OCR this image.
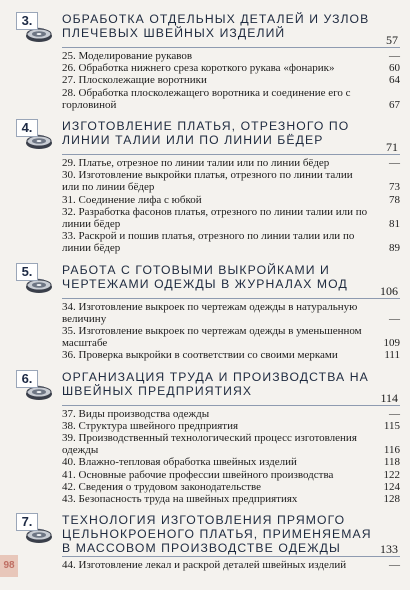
3.	ОБРАБОТКА ОТДЕЛЬНЫХ ДЕТАЛЕЙ И УЗЛОВ ПЛЕЧЕВЫХ ШВЕЙНЫХ ИЗДЕЛИЙ	57
25. Моделирование рукавов	—
26. Обработка нижнего среза короткого рукава «фонарик»	60
27. Плосколежащие воротники	64
28. Обработка плосколежащего воротника и соединение его с горловиной	67
4.	ИЗГОТОВЛЕНИЕ ПЛАТЬЯ, ОТРЕЗНОГО ПО ЛИНИИ ТАЛИИ ИЛИ ПО ЛИНИИ БЁДЕР	71
29. Платье, отрезное по линии талии или по линии бёдер	—
30. Изготовление выкройки платья, отрезного по линии талии или по линии бёдер	73
31. Соединение лифа с юбкой	78
32. Разработка фасонов платья, отрезного по линии талии или по линии бёдер	81
33. Раскрой и пошив платья, отрезного по линии талии или по линии бёдер	89
5.	РАБОТА С ГОТОВЫМИ ВЫКРОЙКАМИ И ЧЕРТЕЖАМИ ОДЕЖДЫ В ЖУРНАЛАХ МОД	106
34. Изготовление выкроек по чертежам одежды в натуральную величину	—
35. Изготовление выкроек по чертежам одежды в уменьшенном масштабе	109
36. Проверка выкройки в соответствии со своими мерками	111
6.	ОРГАНИЗАЦИЯ ТРУДА И ПРОИЗВОДСТВА НА ШВЕЙНЫХ ПРЕДПРИЯТИЯХ	114
37. Виды производства одежды	—
38. Структура швейного предприятия	115
39. Производственный технологический процесс изготовления одежды	116
40. Влажно-тепловая обработка швейных изделий	118
41. Основные рабочие профессии швейного производства	122
42. Сведения о трудовом законодательстве	124
43. Безопасность труда на швейных предприятиях	128
7.	ТЕХНОЛОГИЯ ИЗГОТОВЛЕНИЯ ПРЯМОГО ЦЕЛЬНОКРОЕНОГО ПЛАТЬЯ, ПРИМЕНЯЕМАЯ В МАССОВОМ ПРОИЗВОДСТВЕ ОДЕЖДЫ	133
44. Изготовление лекал и раскрой деталей швейных изделий	—
98
